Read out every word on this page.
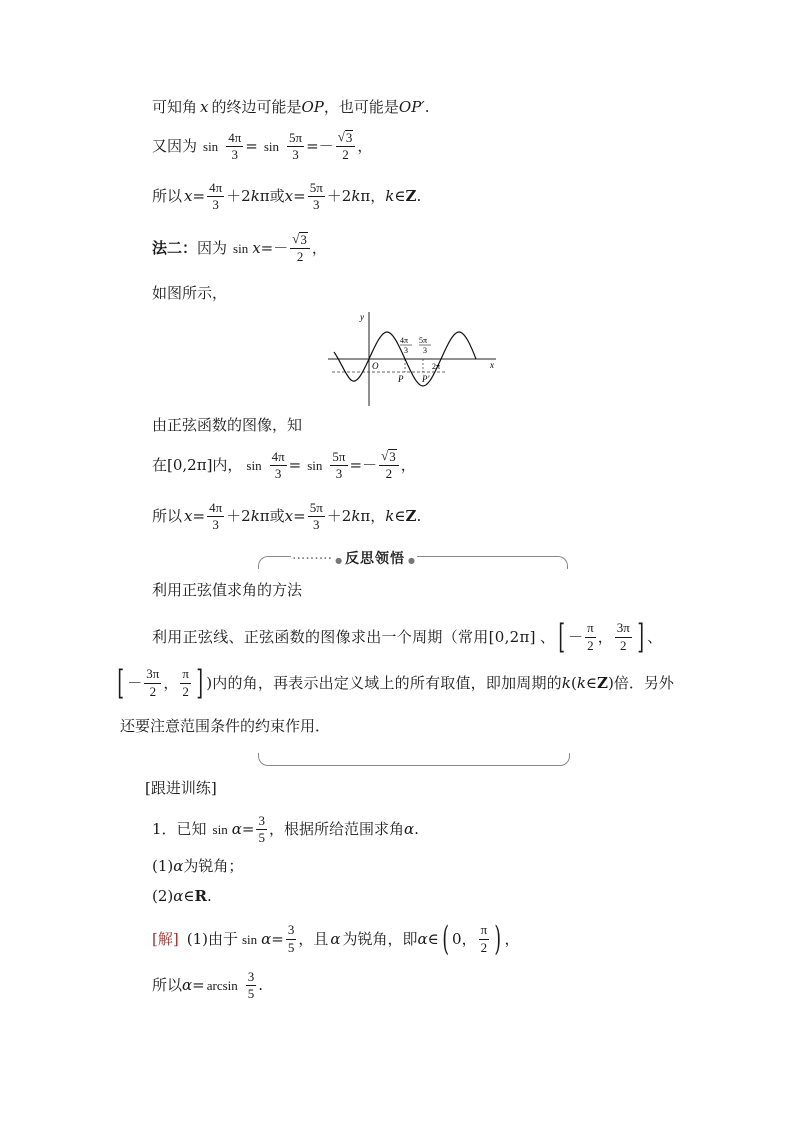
可知角 x 的终边可能是 OP ，也可能是 OP′ .
又因为 $\sin \frac{4\pi}{3} = \sin \frac{5\pi}{3}$ = － $\frac{√ 3}{2}$ ，
所以 $x = \frac{4\pi}{3} +2$ k π 或 $x = \frac{5\pi}{3} +2$ k π ， k ∈ Z .
法二： 因为 sin x = － $\frac{√ 3}{2}$ ，
如图所示，
y
x
O
4π
3
5π
3
2π
P P′
由正弦函数的图像，知
在[0,2π]内， $\sin \frac{4\pi}{3} = \sin \frac{5\pi}{3}$ = － $\frac{√ 3}{2}$ ，
所以 $x = \frac{4\pi}{3} +2$ k π 或 $x = \frac{5\pi}{3} +2$ k π ， k ∈ Z .
········· ● 反思领悟 ●
利用正弦值求角的方法
利用正弦线、正弦函数的图像求出一个周期（常用[0,2π] 、 [ － $\frac{\pi}{2}$ ， $\frac{3\pi}{2}$ ] 、
[ － $\frac{3\pi}{2}$ ， $\frac{\pi}{2}$ ] )内的角，再表示出定义域上的所有取值，即加周期的 k ( k ∈ Z )倍．另外
还要注意范围条件的约束作用．
[跟进训练]
1．已知 $\sin \alpha = \frac{3}{5}$ ，根据所给范围求角 α .
(1) α 为锐角；
(2) α ∈ R .
[解] (1)由于 $\sin \alpha = \frac{3}{5}$ ，且 α 为锐角，即 α ∈ ( 0， $\frac{\pi}{2}$ ) ，
所以 $\alpha = \arcsin \frac{3}{5}$ .
